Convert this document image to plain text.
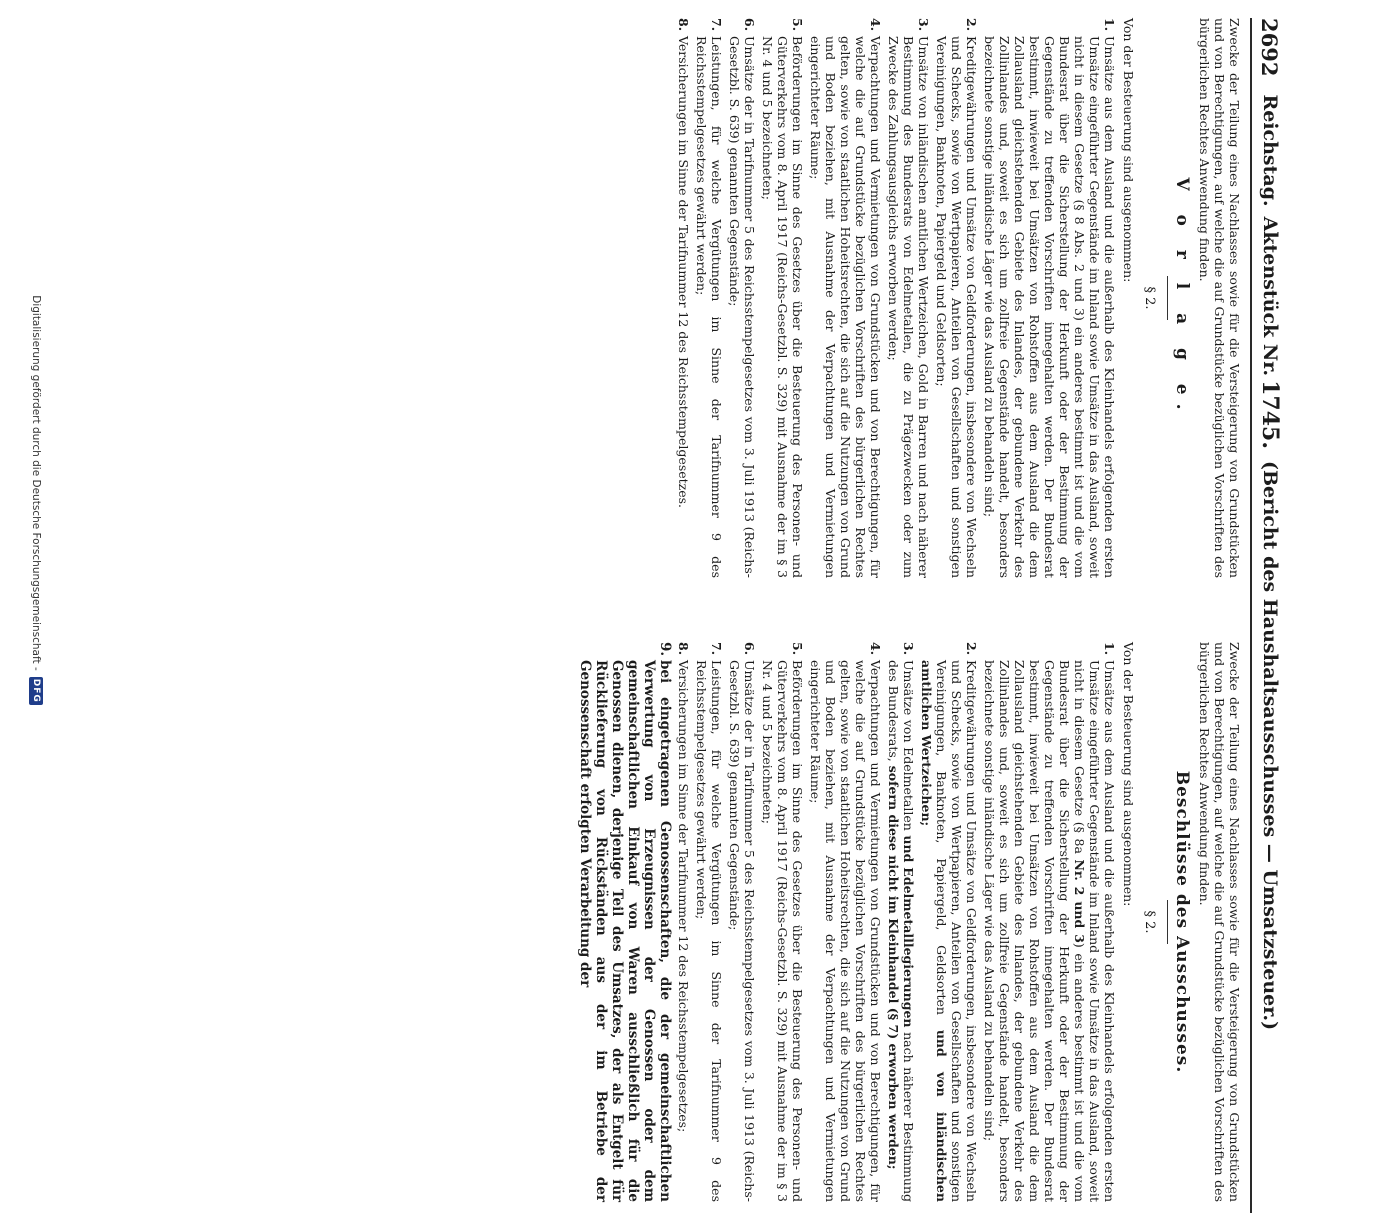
2692
Reichstag.
Aktenstück Nr.
1745.
(Bericht des Haushaltsausschusses — Umsatzsteuer.)
Zwecke der Teilung eines Nachlasses sowie für die Versteigerung von Grundstücken und von Berechtigungen, auf welche die auf Grundstücke bezüglichen Vorschriften des bürgerlichen Rechtes Anwendung finden.
V o r l a g e.
§ 2.
Von der Besteuerung sind ausgenommen:
1.
Umsätze aus dem Ausland und die außerhalb des Kleinhandels erfolgenden ersten Umsätze eingeführter Gegenstände im Inland sowie Umsätze in das Ausland, soweit nicht in diesem Gesetze (§ 8 Abs. 2 und 3) ein anderes bestimmt ist und die vom Bundesrat über die Sicherstellung der Herkunft oder der Bestimmung der Gegenstände zu treffenden Vorschriften innegehalten werden. Der Bundesrat bestimmt, inwieweit bei Umsätzen von Rohstoffen aus dem Ausland die dem Zollausland gleichstehenden Gebiete des Inlandes, der gebundene Verkehr des Zollinlandes und, soweit es sich um zollfreie Gegenstände handelt, besonders bezeichnete sonstige inländische Läger wie das Ausland zu behandeln sind;
2.
Kreditgewährungen und Umsätze von Geldforderungen, insbesondere von Wechseln und Schecks, sowie von Wertpapieren, Anteilen von Gesellschaften und sonstigen Vereinigungen, Banknoten, Papiergeld und Geldsorten;
3.
Umsätze von inländischen amtlichen Wertzeichen, Gold in Barren und nach näherer Bestimmung des Bundesrats von Edelmetallen, die zu Prägezwecken oder zum Zwecke des Zahlungsausgleichs erworben werden;
4.
Verpachtungen und Vermietungen von Grundstücken und von Berechtigungen, für welche die auf Grundstücke bezüglichen Vorschriften des bürgerlichen Rechtes gelten, sowie von staatlichen Hoheitsrechten, die sich auf die Nutzungen von Grund und Boden beziehen, mit Ausnahme der Verpachtungen und Vermietungen eingerichteter Räume;
5.
Beförderungen im Sinne des Gesetzes über die Besteuerung des Personen- und Güterverkehrs vom 8. April 1917 (Reichs-Gesetzbl. S. 329) mit Ausnahme der im § 3 Nr. 4 und 5 bezeichneten;
6.
Umsätze der in Tarifnummer 5 des Reichsstempelgesetzes vom 3. Juli 1913 (Reichs-Gesetzbl. S. 639) genannten Gegenstände;
7.
Leistungen, für welche Vergütungen im Sinne der Tarifnummer 9 des Reichsstempelgesetzes gewährt werden;
8.
Versicherungen im Sinne der Tarifnummer 12 des Reichsstempelgesetzes.
Zwecke der Teilung eines Nachlasses sowie für die Versteigerung von Grundstücken und von Berechtigungen, auf welche die auf Grundstücke bezüglichen Vorschriften des bürgerlichen Rechtes Anwendung finden.
Beschlüsse des Ausschusses.
§ 2.
Von der Besteuerung sind ausgenommen:
1.
Umsätze aus dem Ausland und die außerhalb des Kleinhandels erfolgenden ersten Umsätze eingeführter Gegenstände im Inland sowie Umsätze in das Ausland, soweit nicht in diesem Gesetze (§ 8a Nr. 2 und 3) ein anderes bestimmt ist und die vom Bundesrat über die Sicherstellung der Herkunft oder der Bestimmung der Gegenstände zu treffenden Vorschriften innegehalten werden. Der Bundesrat bestimmt, inwieweit bei Umsätzen von Rohstoffen aus dem Ausland die dem Zollausland gleichstehenden Gebiete des Inlandes, der gebundene Verkehr des Zollinlandes und, soweit es sich um zollfreie Gegenstände handelt, besonders bezeichnete sonstige inländische Läger wie das Ausland zu behandeln sind;
2.
Kreditgewährungen und Umsätze von Geldforderungen, insbesondere von Wechseln und Schecks, sowie von Wertpapieren, Anteilen von Gesellschaften und sonstigen Vereinigungen, Banknoten, Papiergeld, Geldsorten und von inländischen amtlichen Wertzeichen;
3.
Umsätze von Edelmetallen und Edelmetalllegierungen nach näherer Bestimmung des Bundesrats, sofern diese nicht im Kleinhandel (§ 7) erworben werden;
4.
Verpachtungen und Vermietungen von Grundstücken und von Berechtigungen, für welche die auf Grundstücke bezüglichen Vorschriften des bürgerlichen Rechtes gelten, sowie von staatlichen Hoheitsrechten, die sich auf die Nutzungen von Grund und Boden beziehen, mit Ausnahme der Verpachtungen und Vermietungen eingerichteter Räume;
5.
Beförderungen im Sinne des Gesetzes über die Besteuerung des Personen- und Güterverkehrs vom 8. April 1917 (Reichs-Gesetzbl. S. 329) mit Ausnahme der im § 3 Nr. 4 und 5 bezeichneten;
6.
Umsätze der in Tarifnummer 5 des Reichsstempelgesetzes vom 3. Juli 1913 (Reichs-Gesetzbl. S. 639) genannten Gegenstände;
7.
Leistungen, für welche Vergütungen im Sinne der Tarifnummer 9 des Reichsstempelgesetzes gewährt werden;
8.
Versicherungen im Sinne der Tarifnummer 12 des Reichsstempelgesetzes;
9.
bei eingetragenen Genossenschaften, die der gemeinschaftlichen Verwertung von Erzeugnissen der Genossen oder dem gemeinschaftlichen Einkauf von Waren ausschließlich für die Genossen dienen, derjenige Teil des Umsatzes, der als Entgelt für Rücklieferung von Rückständen aus der im Betriebe der Genossenschaft erfolgten Verarbeitung der
Digitalisierung gefördert durch die Deutsche Forschungsgemeinschaft -
DFG
